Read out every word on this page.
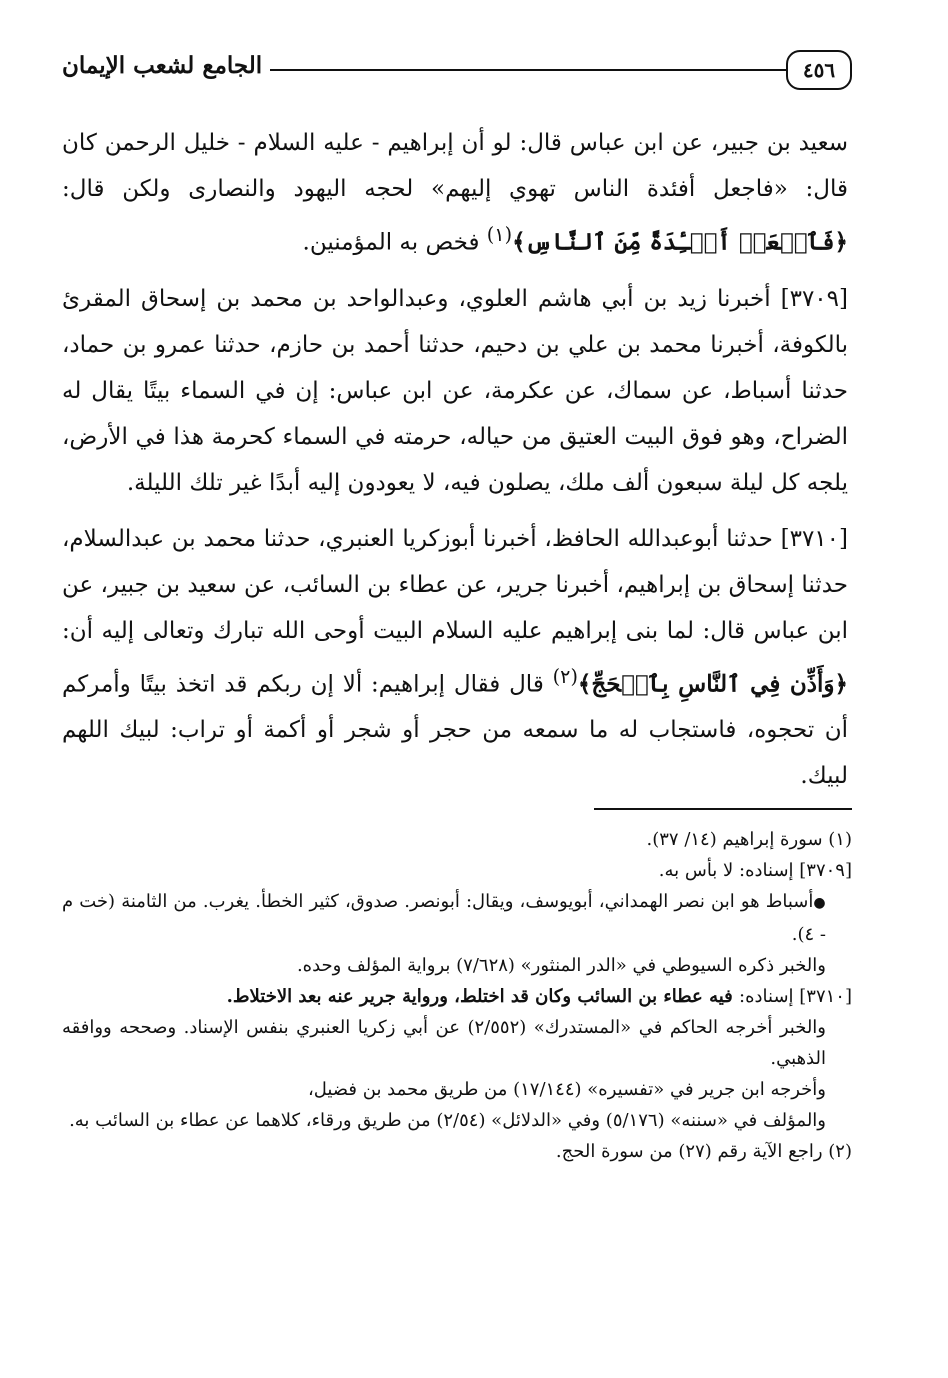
٤٥٦
الجامع لشعب الإيمان

سعيد بن جبير، عن ابن عباس قال: لو أن إبراهيم - عليه السلام - خليل الرحمن كان قال: «فاجعل أفئدة الناس تهوي إليهم» لحجه اليهود والنصارى ولكن قال: ﴿فَٱجۡعَلۡ أَفۡـِٔدَةً مِّنَ ٱلنَّاسِ﴾$^{(١)}$ فخص به المؤمنين.

[٣٧٠٩] أخبرنا زيد بن أبي هاشم العلوي، وعبدالواحد بن محمد بن إسحاق المقرئ بالكوفة، أخبرنا محمد بن علي بن دحيم، حدثنا أحمد بن حازم، حدثنا عمرو بن حماد، حدثنا أسباط، عن سماك، عن عكرمة، عن ابن عباس: إن في السماء بيتًا يقال له الضراح، وهو فوق البيت العتيق من حياله، حرمته في السماء كحرمة هذا في الأرض، يلجه كل ليلة سبعون ألف ملك، يصلون فيه، لا يعودون إليه أبدًا غير تلك الليلة.

[٣٧١٠] حدثنا أبوعبدالله الحافظ، أخبرنا أبوزكريا العنبري، حدثنا محمد بن عبدالسلام، حدثنا إسحاق بن إبراهيم، أخبرنا جرير، عن عطاء بن السائب، عن سعيد بن جبير، عن ابن عباس قال: لما بنى إبراهيم عليه السلام البيت أوحى الله تبارك وتعالى إليه أن: ﴿وَأَذِّن فِي ٱلنَّاسِ بِٱلۡحَجِّ﴾$^{(٢)}$ قال فقال إبراهيم: ألا إن ربكم قد اتخذ بيتًا وأمركم أن تحجوه، فاستجاب له ما سمعه من حجر أو شجر أو أكمة أو تراب: لبيك اللهم لبيك.

(١) سورة إبراهيم (١٤/ ٣٧).

[٣٧٠٩] إسناده: لا بأس به.

●أسباط هو ابن نصر الهمداني، أبويوسف، ويقال: أبونصر. صدوق، كثير الخطأ. يغرب. من الثامنة (خت م - ٤).

والخبر ذكره السيوطي في «الدر المنثور» (٧/٦٢٨) برواية المؤلف وحده.

[٣٧١٠] إسناده: فيه عطاء بن السائب وكان قد اختلط، ورواية جرير عنه بعد الاختلاط.

والخبر أخرجه الحاكم في «المستدرك» (٢/٥٥٢) عن أبي زكريا العنبري بنفس الإسناد. وصححه ووافقه الذهبي.

وأخرجه ابن جرير في «تفسيره» (١٧/١٤٤) من طريق محمد بن فضيل،

والمؤلف في «سننه» (٥/١٧٦) وفي «الدلائل» (٢/٥٤) من طريق ورقاء، كلاهما عن عطاء بن السائب به.

(٢) راجع الآية رقم (٢٧) من سورة الحج.
